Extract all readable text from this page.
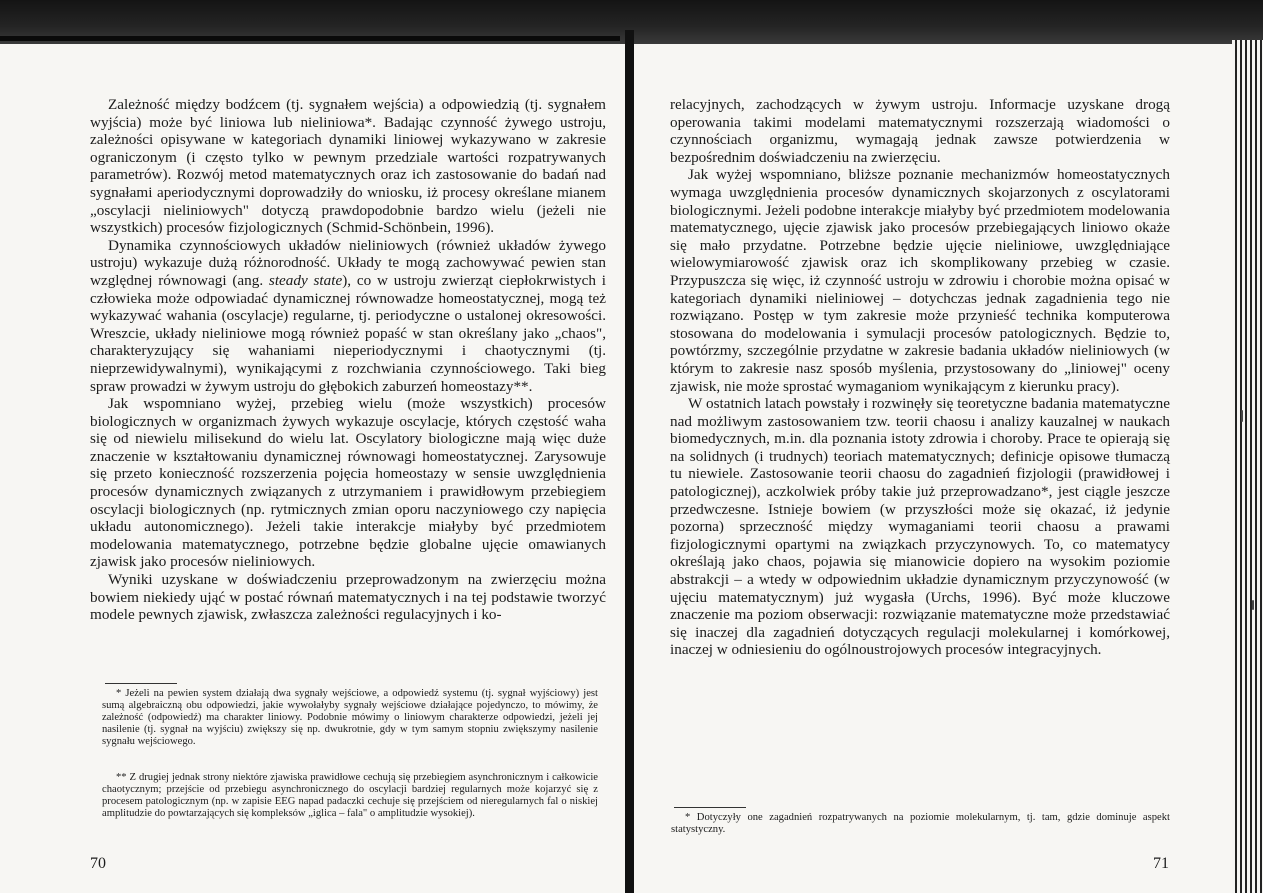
Zależność między bodźcem (tj. sygnałem wejścia) a odpowiedzią (tj. sygnałem wyjścia) może być liniowa lub nieliniowa*. Badając czynność żywego ustroju, zależności opisywane w kategoriach dynamiki liniowej wykazywano w zakresie ograniczonym (i często tylko w pewnym przedziale wartości rozpatrywanych parametrów). Rozwój metod matematycznych oraz ich zastosowanie do badań nad sygnałami aperiodycznymi doprowadziły do wniosku, iż procesy określane mianem „oscylacji nieliniowych" dotyczą prawdopodobnie bardzo wielu (jeżeli nie wszystkich) procesów fizjologicznych (Schmid-Schönbein, 1996).

Dynamika czynnościowych układów nieliniowych (również układów żywego ustroju) wykazuje dużą różnorodność. Układy te mogą zachowywać pewien stan względnej równowagi (ang. steady state), co w ustroju zwierząt ciepłokrwistych i człowieka może odpowiadać dynamicznej równowadze homeostatycznej, mogą też wykazywać wahania (oscylacje) regularne, tj. periodyczne o ustalonej okresowości. Wreszcie, układy nieliniowe mogą również popaść w stan określany jako „chaos", charakteryzujący się wahaniami nieperiodycznymi i chaotycznymi (tj. nieprzewidywalnymi), wynikającymi z rozchwiania czynnościowego. Taki bieg spraw prowadzi w żywym ustroju do głębokich zaburzeń homeostazy**.

Jak wspomniano wyżej, przebieg wielu (może wszystkich) procesów biologicznych w organizmach żywych wykazuje oscylacje, których częstość waha się od niewielu milisekund do wielu lat. Oscylatory biologiczne mają więc duże znaczenie w kształtowaniu dynamicznej równowagi homeostatycznej. Zarysowuje się przeto konieczność rozszerzenia pojęcia homeostazy w sensie uwzględnienia procesów dynamicznych związanych z utrzymaniem i prawidłowym przebiegiem oscylacji biologicznych (np. rytmicznych zmian oporu naczyniowego czy napięcia układu autonomicznego). Jeżeli takie interakcje miałyby być przedmiotem modelowania matematycznego, potrzebne będzie globalne ujęcie omawianych zjawisk jako procesów nieliniowych.

Wyniki uzyskane w doświadczeniu przeprowadzonym na zwierzęciu można bowiem niekiedy ująć w postać równań matematycznych i na tej podstawie tworzyć modele pewnych zjawisk, zwłaszcza zależności regulacyjnych i ko-

* Jeżeli na pewien system działają dwa sygnały wejściowe, a odpowiedź systemu (tj. sygnał wyjściowy) jest sumą algebraiczną obu odpowiedzi, jakie wywołałyby sygnały wejściowe działające pojedynczo, to mówimy, że zależność (odpowiedź) ma charakter liniowy. Podobnie mówimy o liniowym charakterze odpowiedzi, jeżeli jej nasilenie (tj. sygnał na wyjściu) zwiększy się np. dwukrotnie, gdy w tym samym stopniu zwiększymy nasilenie sygnału wejściowego.

** Z drugiej jednak strony niektóre zjawiska prawidłowe cechują się przebiegiem asynchronicznym i całkowicie chaotycznym; przejście od przebiegu asynchronicznego do oscylacji bardziej regularnych może kojarzyć się z procesem patologicznym (np. w zapisie EEG napad padaczki cechuje się przejściem od nieregularnych fal o niskiej amplitudzie do powtarzających się kompleksów „iglica – fala" o amplitudzie wysokiej).

70

relacyjnych, zachodzących w żywym ustroju. Informacje uzyskane drogą operowania takimi modelami matematycznymi rozszerzają wiadomości o czynnościach organizmu, wymagają jednak zawsze potwierdzenia w bezpośrednim doświadczeniu na zwierzęciu.

Jak wyżej wspomniano, bliższe poznanie mechanizmów homeostatycznych wymaga uwzględnienia procesów dynamicznych skojarzonych z oscylatorami biologicznymi. Jeżeli podobne interakcje miałyby być przedmiotem modelowania matematycznego, ujęcie zjawisk jako procesów przebiegających liniowo okaże się mało przydatne. Potrzebne będzie ujęcie nieliniowe, uwzględniające wielowymiarowość zjawisk oraz ich skomplikowany przebieg w czasie. Przypuszcza się więc, iż czynność ustroju w zdrowiu i chorobie można opisać w kategoriach dynamiki nieliniowej – dotychczas jednak zagadnienia tego nie rozwiązano. Postęp w tym zakresie może przynieść technika komputerowa stosowana do modelowania i symulacji procesów patologicznych. Będzie to, powtórzmy, szczególnie przydatne w zakresie badania układów nieliniowych (w którym to zakresie nasz sposób myślenia, przystosowany do „liniowej" oceny zjawisk, nie może sprostać wymaganiom wynikającym z kierunku pracy).

W ostatnich latach powstały i rozwinęły się teoretyczne badania matematyczne nad możliwym zastosowaniem tzw. teorii chaosu i analizy kauzalnej w naukach biomedycznych, m.in. dla poznania istoty zdrowia i choroby. Prace te opierają się na solidnych (i trudnych) teoriach matematycznych; definicje opisowe tłumaczą tu niewiele. Zastosowanie teorii chaosu do zagadnień fizjologii (prawidłowej i patologicznej), aczkolwiek próby takie już przeprowadzano*, jest ciągle jeszcze przedwczesne. Istnieje bowiem (w przyszłości może się okazać, iż jedynie pozorna) sprzeczność między wymaganiami teorii chaosu a prawami fizjologicznymi opartymi na związkach przyczynowych. To, co matematycy określają jako chaos, pojawia się mianowicie dopiero na wysokim poziomie abstrakcji – a wtedy w odpowiednim układzie dynamicznym przyczynowość (w ujęciu matematycznym) już wygasła (Urchs, 1996). Być może kluczowe znaczenie ma poziom obserwacji: rozwiązanie matematyczne może przedstawiać się inaczej dla zagadnień dotyczących regulacji molekularnej i komórkowej, inaczej w odniesieniu do ogólnoustrojowych procesów integracyjnych.

* Dotyczyły one zagadnień rozpatrywanych na poziomie molekularnym, tj. tam, gdzie dominuje aspekt statystyczny.

71
